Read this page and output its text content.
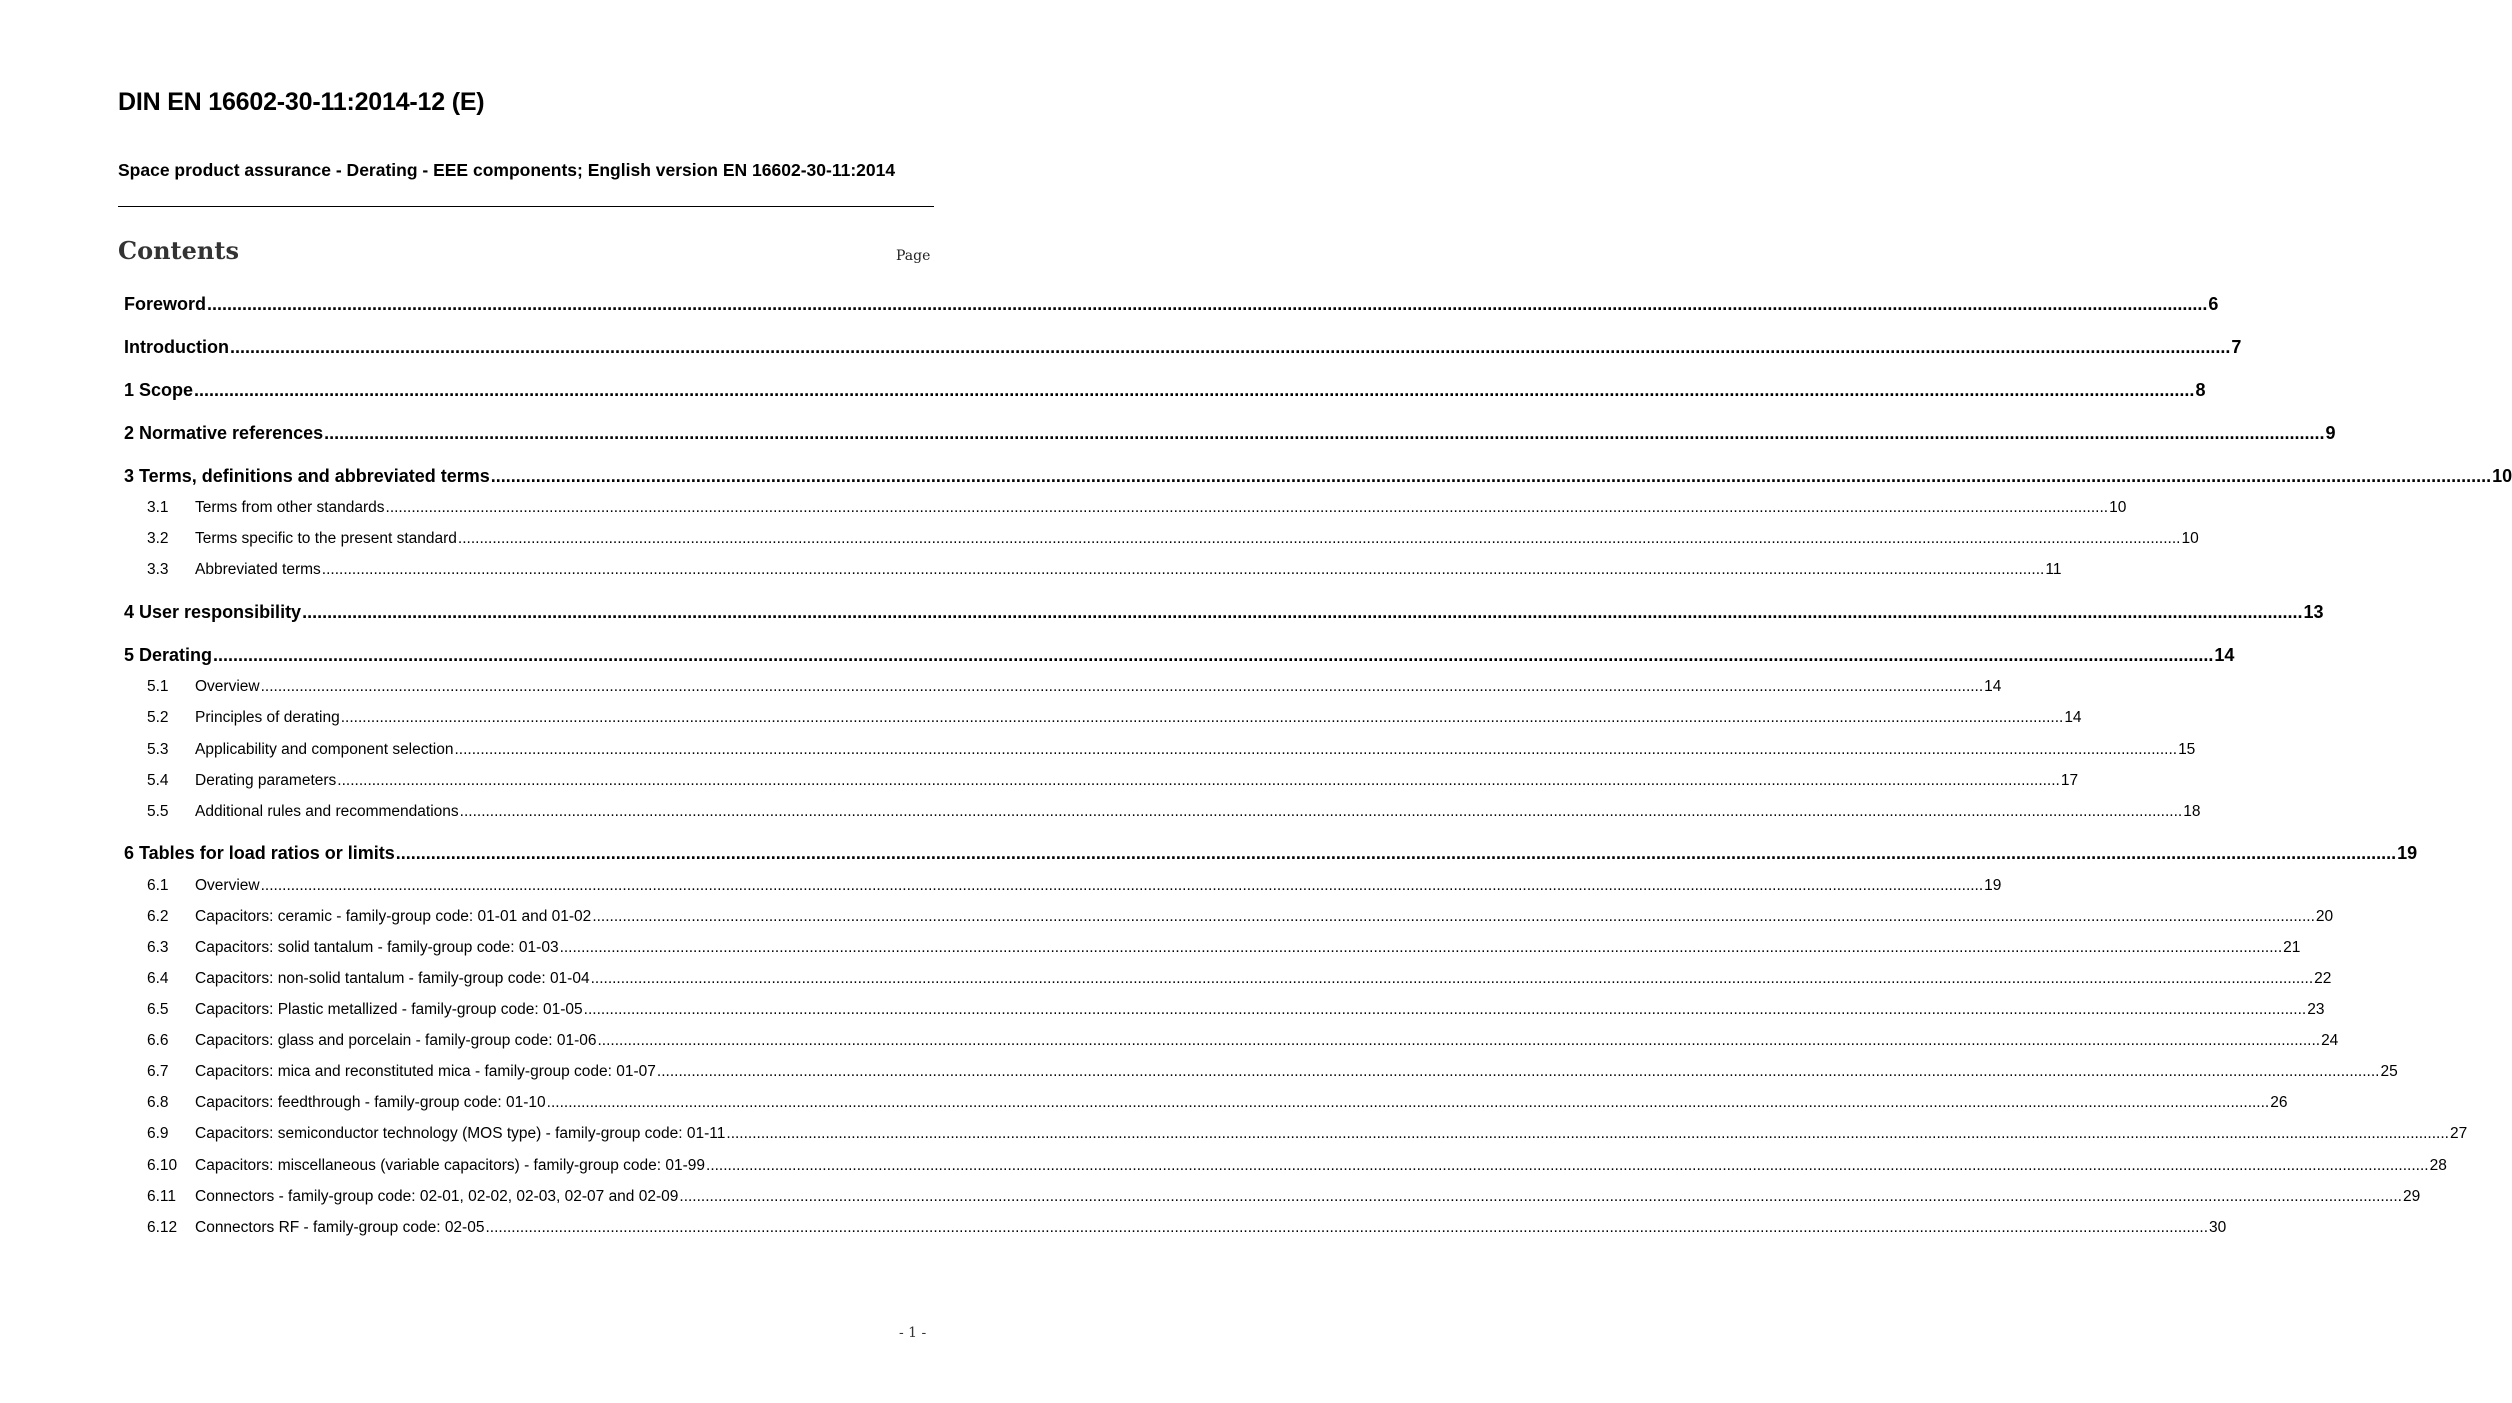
DIN EN 16602-30-11:2014-12 (E)
Space product assurance - Derating - EEE components; English version EN 16602-30-11:2014
Contents	Page
Foreword ................................................................................................................................................................................................................................................................................................................................................................................................................ 6
Introduction ................................................................................................................................................................................................................................................................................................................................................................................................................ 7
1 Scope ................................................................................................................................................................................................................................................................................................................................................................................................................ 8
2 Normative references ................................................................................................................................................................................................................................................................................................................................................................................................................ 9
3 Terms, definitions and abbreviated terms ................................................................................................................................................................................................................................................................................................................................................................................................................ 10
3.1	Terms from other standards ................................................................................................................................................................................................................................................................................................................................................................................................................ 10
3.2	Terms specific to the present standard ................................................................................................................................................................................................................................................................................................................................................................................................................ 10
3.3	Abbreviated terms ................................................................................................................................................................................................................................................................................................................................................................................................................ 11
4 User responsibility ................................................................................................................................................................................................................................................................................................................................................................................................................ 13
5 Derating ................................................................................................................................................................................................................................................................................................................................................................................................................ 14
5.1	Overview ................................................................................................................................................................................................................................................................................................................................................................................................................ 14
5.2	Principles of derating ................................................................................................................................................................................................................................................................................................................................................................................................................ 14
5.3	Applicability and component selection ................................................................................................................................................................................................................................................................................................................................................................................................................ 15
5.4	Derating parameters ................................................................................................................................................................................................................................................................................................................................................................................................................ 17
5.5	Additional rules and recommendations ................................................................................................................................................................................................................................................................................................................................................................................................................ 18
6 Tables for load ratios or limits ................................................................................................................................................................................................................................................................................................................................................................................................................ 19
6.1	Overview ................................................................................................................................................................................................................................................................................................................................................................................................................ 19
6.2	Capacitors: ceramic - family-group code: 01-01 and 01-02 ................................................................................................................................................................................................................................................................................................................................................................................................................ 20
6.3	Capacitors: solid tantalum - family-group code: 01-03 ................................................................................................................................................................................................................................................................................................................................................................................................................ 21
6.4	Capacitors: non-solid tantalum - family-group code: 01-04 ................................................................................................................................................................................................................................................................................................................................................................................................................ 22
6.5	Capacitors: Plastic metallized - family-group code: 01-05 ................................................................................................................................................................................................................................................................................................................................................................................................................ 23
6.6	Capacitors: glass and porcelain - family-group code: 01-06 ................................................................................................................................................................................................................................................................................................................................................................................................................ 24
6.7	Capacitors: mica and reconstituted mica - family-group code: 01-07 ................................................................................................................................................................................................................................................................................................................................................................................................................ 25
6.8	Capacitors: feedthrough - family-group code: 01-10 ................................................................................................................................................................................................................................................................................................................................................................................................................ 26
6.9	Capacitors: semiconductor technology (MOS type) - family-group code: 01-11 ................................................................................................................................................................................................................................................................................................................................................................................................................ 27
6.10	Capacitors: miscellaneous (variable capacitors) - family-group code: 01-99 ................................................................................................................................................................................................................................................................................................................................................................................................................ 28
6.11	Connectors - family-group code: 02-01, 02-02, 02-03, 02-07 and 02-09 ................................................................................................................................................................................................................................................................................................................................................................................................................ 29
6.12	Connectors RF - family-group code: 02-05 ................................................................................................................................................................................................................................................................................................................................................................................................................ 30
- 1 -
